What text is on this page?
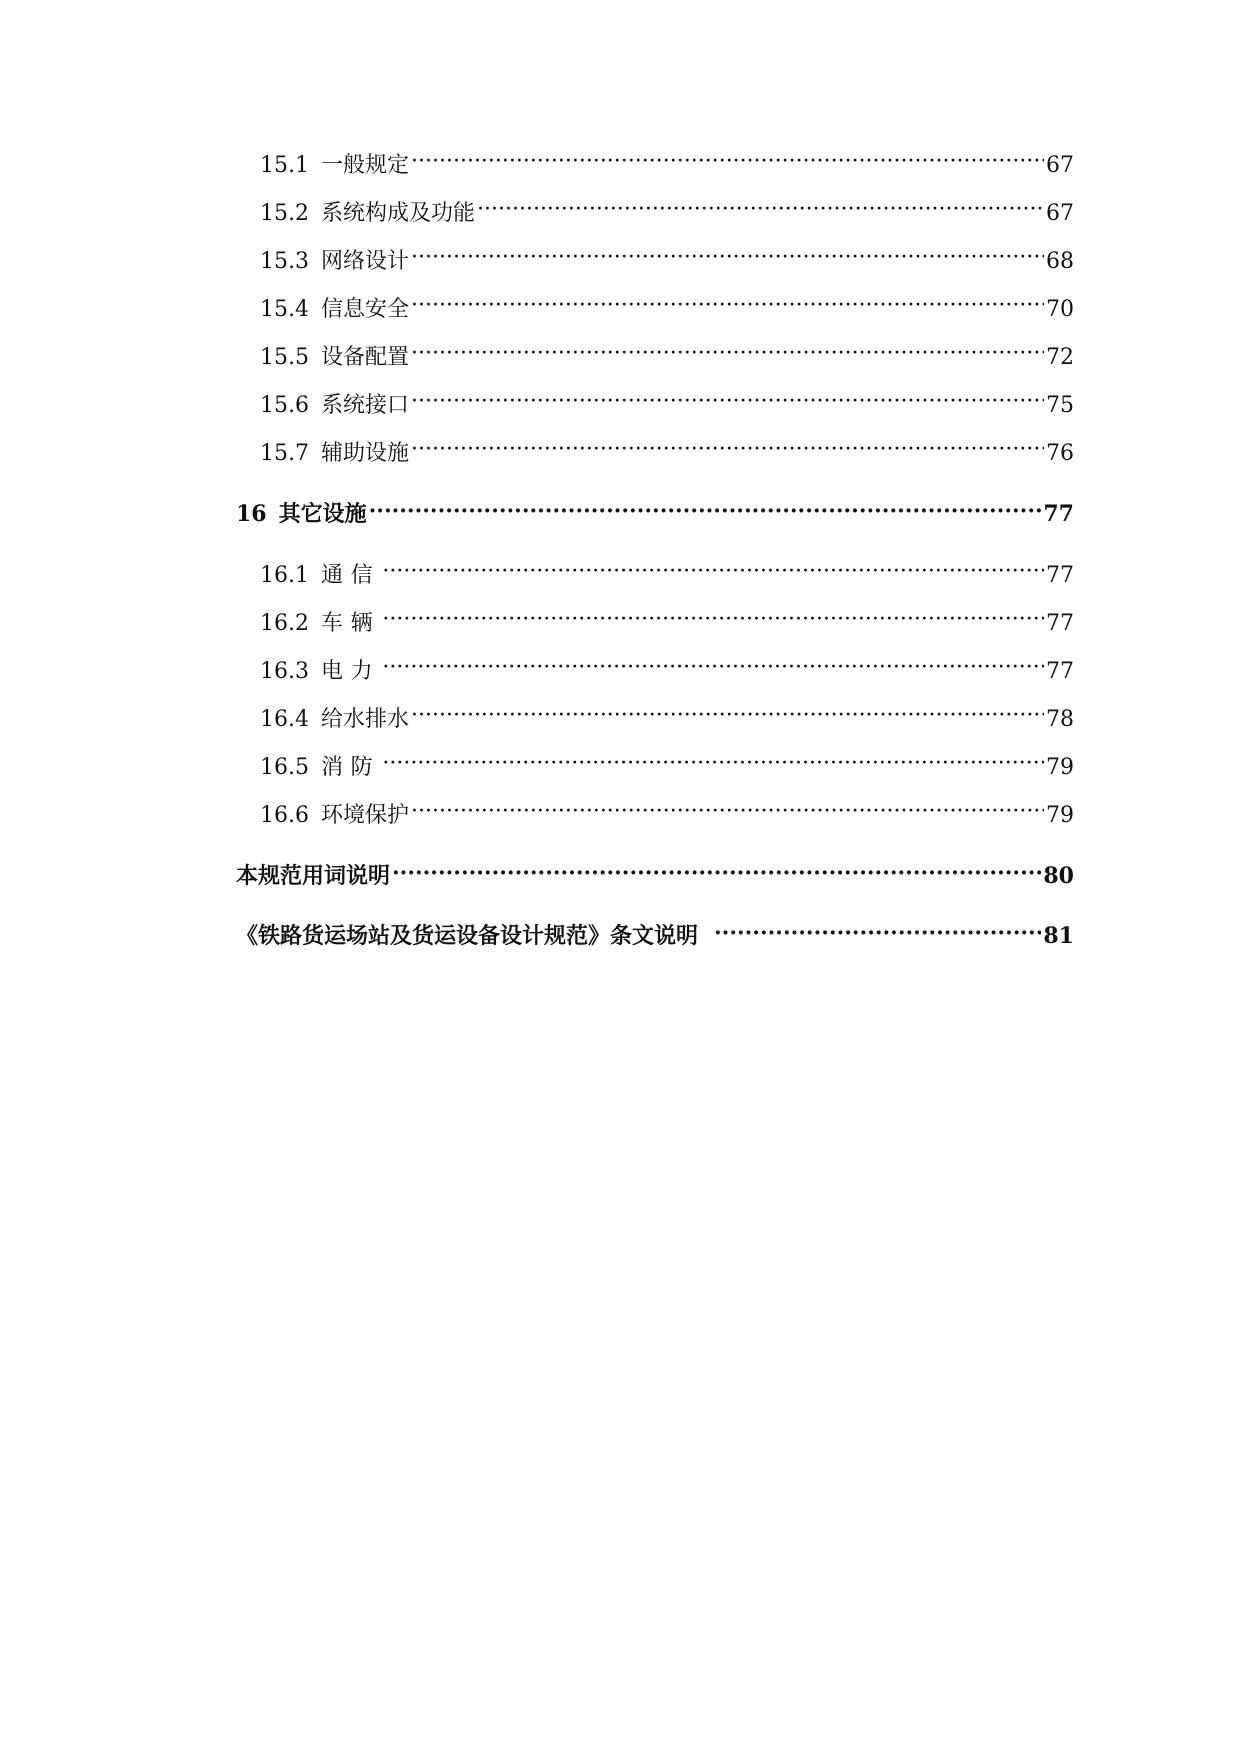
15.1 一般规定 ·····	67
15.2 系统构成及功能 ·····	67
15.3 网络设计 ·····	68
15.4 信息安全 ·····	70
15.5 设备配置 ·····	72
15.6 系统接口 ·····	75
15.7 辅助设施 ·····	76
16 其它设施 ·····	77
16.1 通信 ·····	77
16.2 车辆 ·····	77
16.3 电力 ·····	77
16.4 给水排水 ·····	78
16.5 消防 ·····	79
16.6 环境保护 ·····	79
本规范用词说明 ·····	80
《铁路货运场站及货运设备设计规范》条文说明 ·····	81
